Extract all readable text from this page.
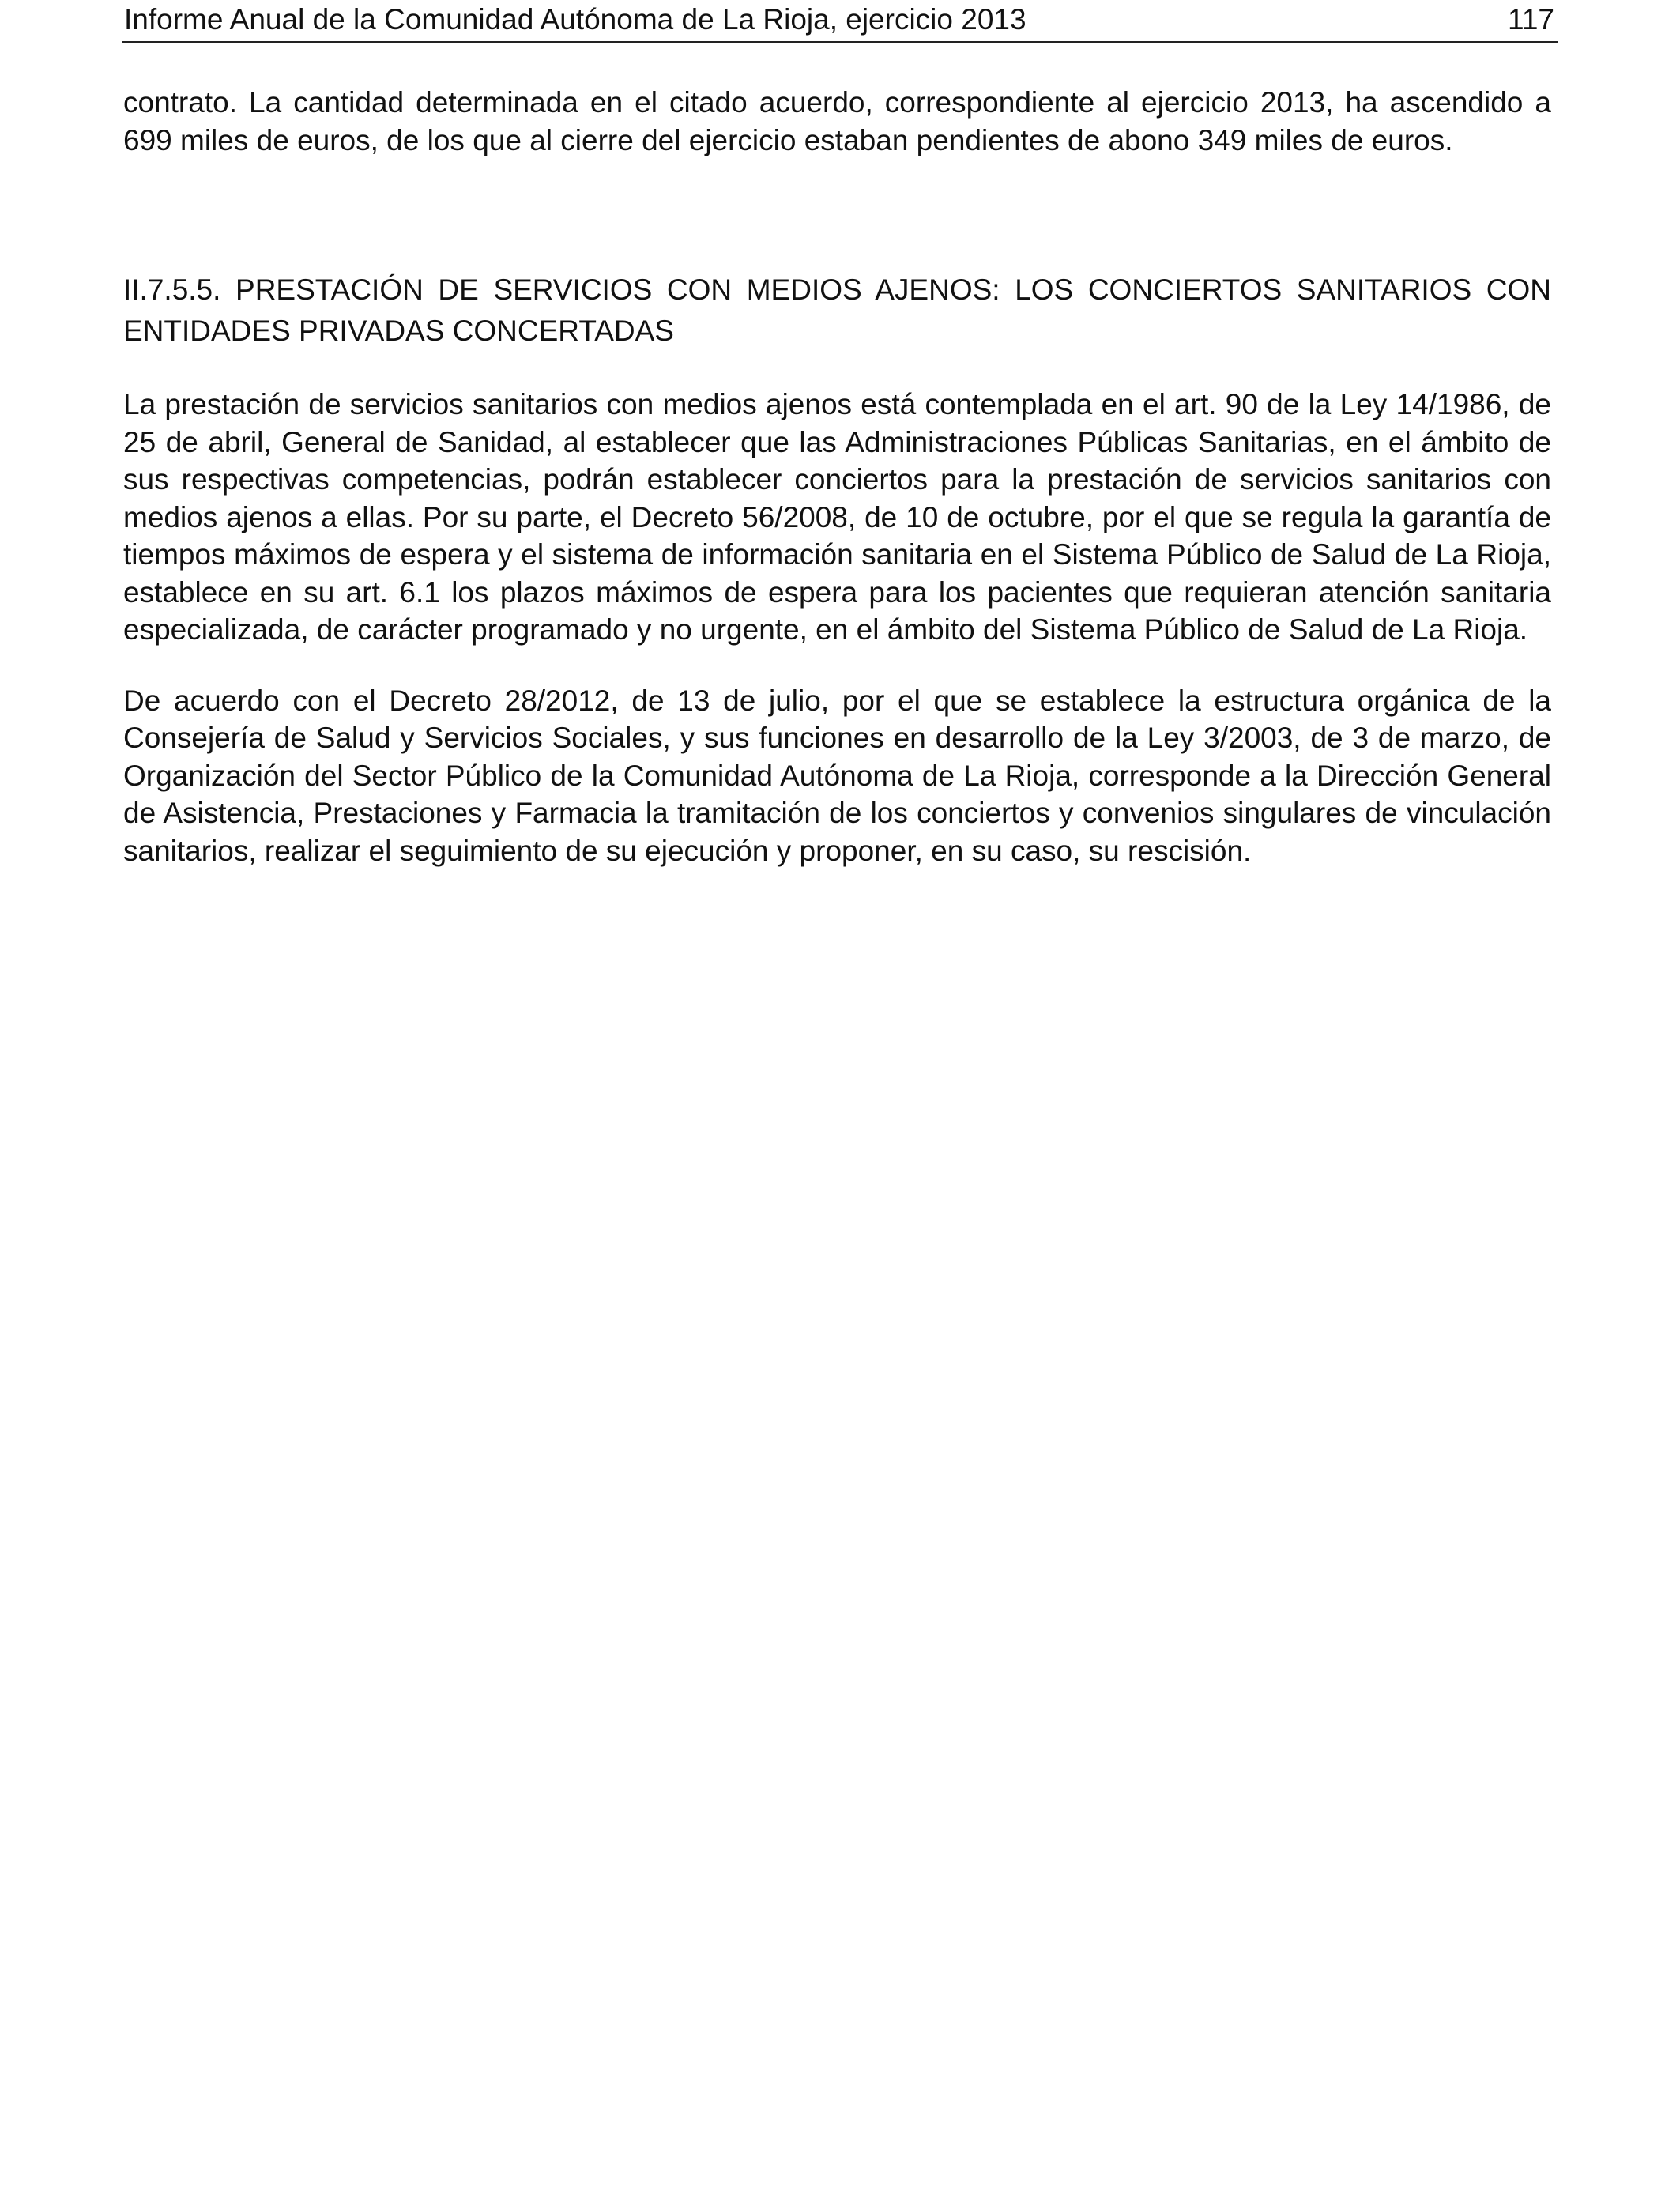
Informe Anual de la Comunidad Autónoma de La Rioja, ejercicio 2013	117

contrato. La cantidad determinada en el citado acuerdo, correspondiente al ejercicio 2013, ha ascendido a 699 miles de euros, de los que al cierre del ejercicio estaban pendientes de abono 349 miles de euros.

II.7.5.5. PRESTACIÓN DE SERVICIOS CON MEDIOS AJENOS: LOS CONCIERTOS SANITARIOS CON ENTIDADES PRIVADAS CONCERTADAS

La prestación de servicios sanitarios con medios ajenos está contemplada en el art. 90 de la Ley 14/1986, de 25 de abril, General de Sanidad, al establecer que las Administraciones Públicas Sanitarias, en el ámbito de sus respectivas competencias, podrán establecer conciertos para la prestación de servicios sanitarios con medios ajenos a ellas. Por su parte, el Decreto 56/2008, de 10 de octubre, por el que se regula la garantía de tiempos máximos de espera y el sistema de información sanitaria en el Sistema Público de Salud de La Rioja, establece en su art. 6.1 los plazos máximos de espera para los pacientes que requieran atención sanitaria especializada, de carácter programado y no urgente, en el ámbito del Sistema Público de Salud de La Rioja.

De acuerdo con el Decreto 28/2012, de 13 de julio, por el que se establece la estructura orgánica de la Consejería de Salud y Servicios Sociales, y sus funciones en desarrollo de la Ley 3/2003, de 3 de marzo, de Organización del Sector Público de la Comunidad Autónoma de La Rioja, corresponde a la Dirección General de Asistencia, Prestaciones y Farmacia la tramitación de los conciertos y convenios singulares de vinculación sanitarios, realizar el seguimiento de su ejecución y proponer, en su caso, su rescisión.
